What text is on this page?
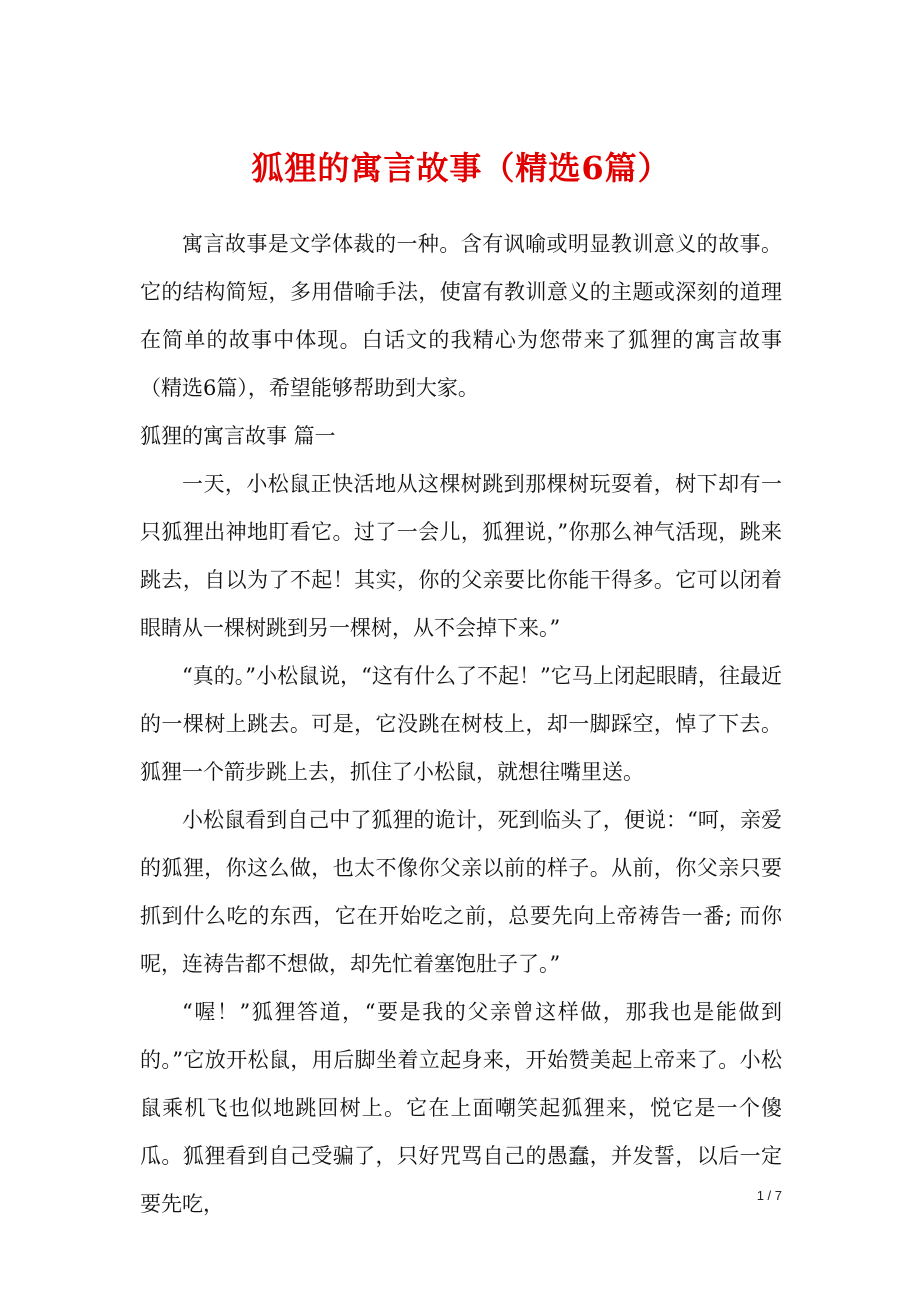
狐狸的寓言故事（精选6篇）

寓言故事是文学体裁的一种。含有讽喻或明显教训意义的故事。它的结构简短，多用借喻手法，使富有教训意义的主题或深刻的道理在简单的故事中体现。白话文的我精心为您带来了狐狸的寓言故事（精选6篇），希望能够帮助到大家。

狐狸的寓言故事 篇一

一天，小松鼠正快活地从这棵树跳到那棵树玩耍着，树下却有一只狐狸出神地盯看它。过了一会儿，狐狸说，”你那么神气活现，跳来跳去，自以为了不起！其实，你的父亲要比你能干得多。它可以闭着眼睛从一棵树跳到另一棵树，从不会掉下来。”

“真的。”小松鼠说，“这有什么了不起！”它马上闭起眼睛，往最近的一棵树上跳去。可是，它没跳在树枝上，却一脚踩空，悼了下去。狐狸一个箭步跳上去，抓住了小松鼠，就想往嘴里送。

小松鼠看到自己中了狐狸的诡计，死到临头了，便说：“呵，亲爱的狐狸，你这么做，也太不像你父亲以前的样子。从前，你父亲只要抓到什么吃的东西，它在开始吃之前，总要先向上帝祷告一番; 而你呢，连祷告都不想做，却先忙着塞饱肚子了。”

“喔！”狐狸答道，“要是我的父亲曾这样做，那我也是能做到的。”它放开松鼠，用后脚坐着立起身来，开始赞美起上帝来了。小松鼠乘机飞也似地跳回树上。它在上面嘲笑起狐狸来，悦它是一个傻瓜。狐狸看到自己受骗了，只好咒骂自己的愚蠢，并发誓，以后一定要先吃，	1 / 7
